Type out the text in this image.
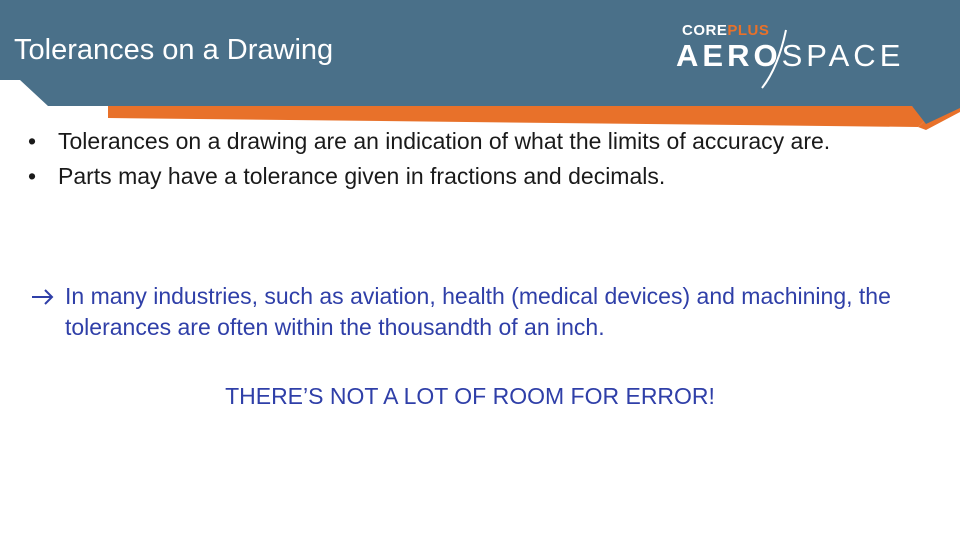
Tolerances on a Drawing
COREPLUS
AEROSPACE
• Tolerances on a drawing are an indication of what the limits of accuracy are.
• Parts may have a tolerance given in fractions and decimals.
In many industries, such as aviation, health (medical devices) and machining, the tolerances are often within the thousandth of an inch.

THERE’S NOT A LOT OF ROOM FOR ERROR!
